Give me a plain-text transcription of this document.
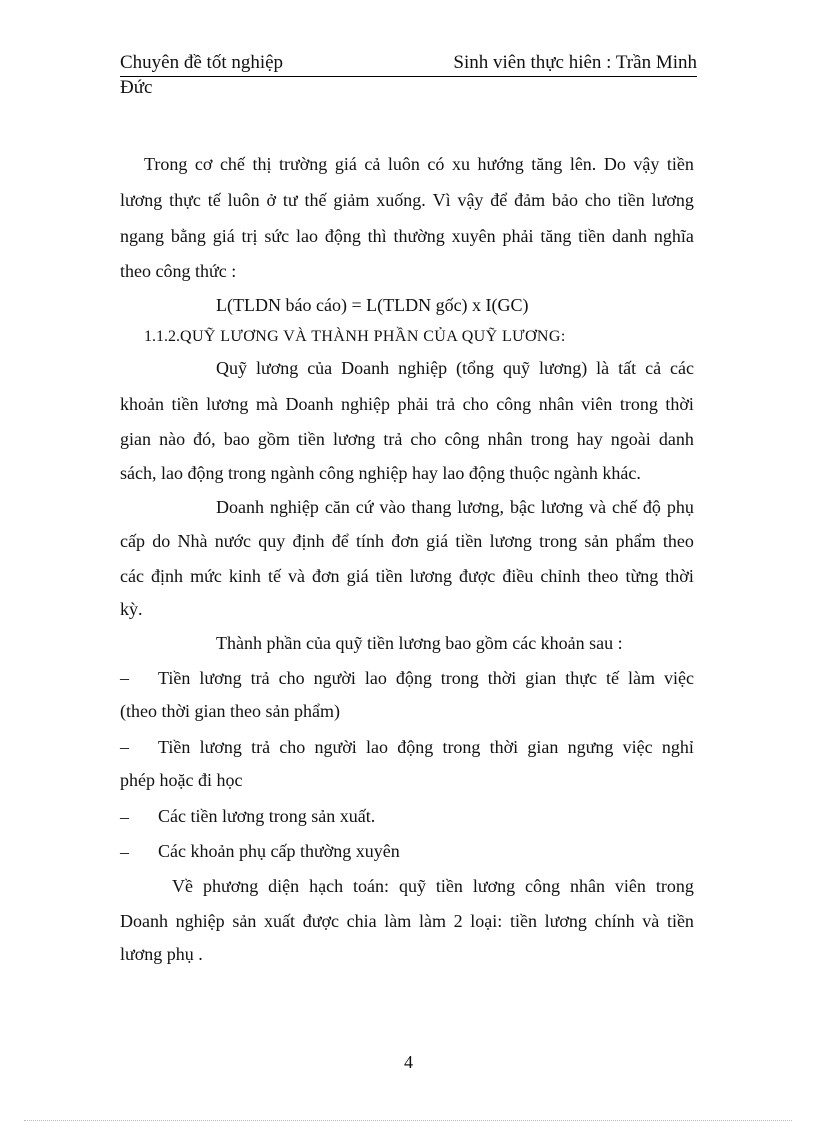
Chuyên đề tốt nghiệp	Sinh viên thực hiên : Trần Minh
Đức
Trong cơ chế thị trường giá cả luôn có xu hướng tăng lên. Do vậy tiền
lương thực tế luôn ở tư thế giảm xuống. Vì vậy để đảm bảo cho tiền lương
ngang bằng giá trị sức lao động thì thường xuyên phải tăng tiền danh nghĩa
theo công thức :
L(TLDN báo cáo) = L(TLDN gốc) x I(GC)
1.1.2.QUỸ LƯƠNG VÀ THÀNH PHẦN CỦA QUỸ LƯƠNG:
Quỹ lương của Doanh nghiệp (tổng quỹ lương) là tất cả các
khoản tiền lương mà Doanh nghiệp phải trả cho công nhân viên trong thời
gian nào đó, bao gồm tiền lương trả cho công nhân trong hay ngoài danh
sách, lao động trong ngành công nghiệp hay lao động thuộc ngành khác.
Doanh nghiệp căn cứ vào thang lương, bậc lương và chế độ phụ
cấp do Nhà nước quy định để tính đơn giá tiền lương trong sản phẩm theo
các định mức kinh tế và đơn giá tiền lương được điều chỉnh theo từng thời
kỳ.
Thành phần của quỹ tiền lương bao gồm các khoản sau :
– Tiền lương trả cho người lao động trong thời gian thực tế làm việc
(theo thời gian theo sản phẩm)
– Tiền lương trả cho người lao động trong thời gian ngưng việc nghỉ
phép hoặc đi học
– Các tiền lương trong sản xuất.
– Các khoản phụ cấp thường xuyên
Về phương diện hạch toán: quỹ tiền lương công nhân viên trong
Doanh nghiệp sản xuất được chia làm làm 2 loại: tiền lương chính và tiền
lương phụ .
4
